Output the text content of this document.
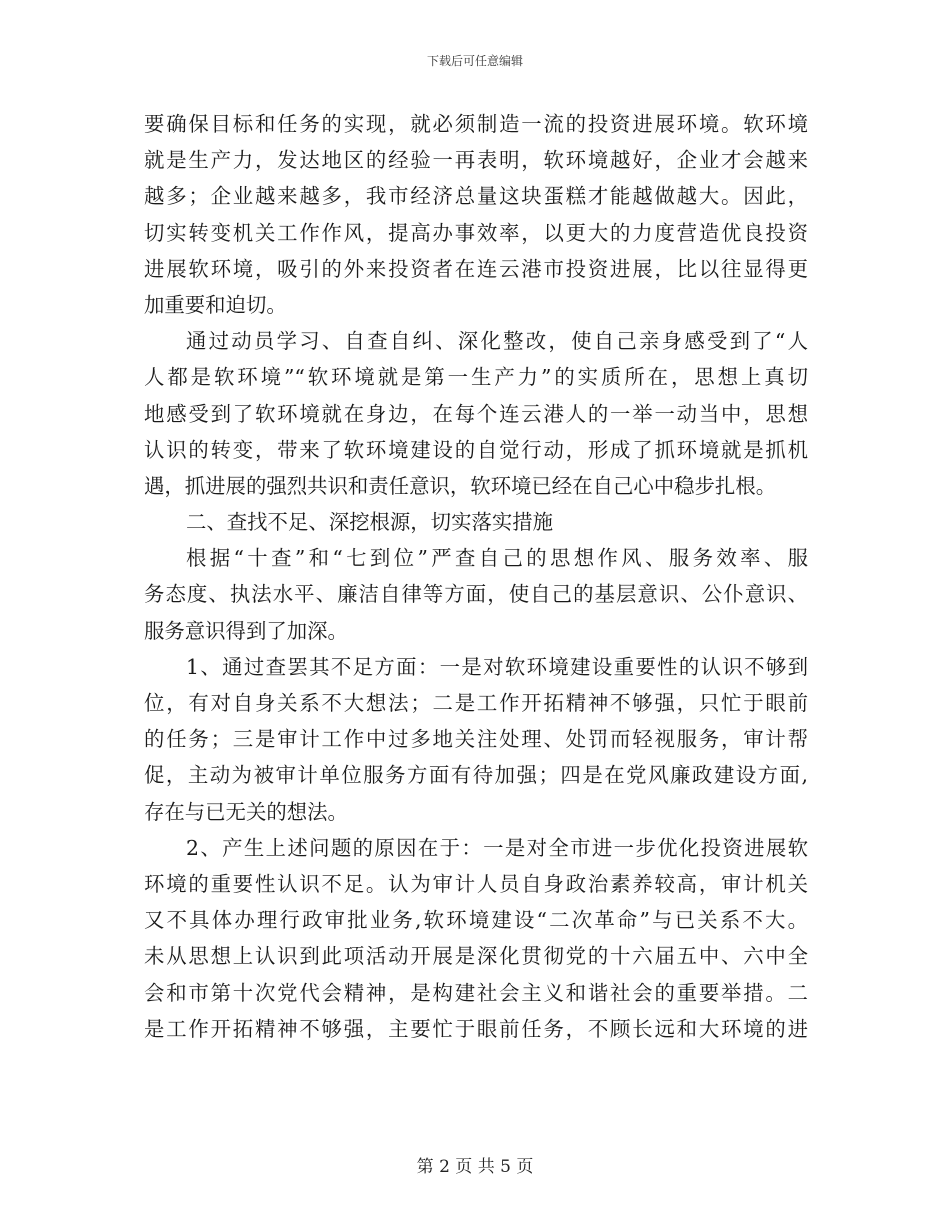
下载后可任意编辑
要确保目标和任务的实现，就必须制造一流的投资进展环境。软环境
就是生产力，发达地区的经验一再表明，软环境越好，企业才会越来
越多；企业越来越多，我市经济总量这块蛋糕才能越做越大。因此，
切实转变机关工作作风，提高办事效率，以更大的力度营造优良投资
进展软环境，吸引的外来投资者在连云港市投资进展，比以往显得更
加重要和迫切。
通过动员学习、自查自纠、深化整改，使自己亲身感受到了“人
人都是软环境”“软环境就是第一生产力”的实质所在，思想上真切
地感受到了软环境就在身边，在每个连云港人的一举一动当中，思想
认识的转变，带来了软环境建设的自觉行动，形成了抓环境就是抓机
遇，抓进展的强烈共识和责任意识，软环境已经在自己心中稳步扎根。
二、查找不足、深挖根源，切实落实措施
根据“十查”和“七到位”严查自己的思想作风、服务效率、服
务态度、执法水平、廉洁自律等方面，使自己的基层意识、公仆意识、
服务意识得到了加深。
1、通过查罢其不足方面：一是对软环境建设重要性的认识不够到
位，有对自身关系不大想法；二是工作开拓精神不够强，只忙于眼前
的任务；三是审计工作中过多地关注处理、处罚而轻视服务，审计帮
促，主动为被审计单位服务方面有待加强；四是在党风廉政建设方面,
存在与已无关的想法。
2、产生上述问题的原因在于：一是对全市进一步优化投资进展软
环境的重要性认识不足。认为审计人员自身政治素养较高，审计机关
又不具体办理行政审批业务,软环境建设“二次革命”与已关系不大。
未从思想上认识到此项活动开展是深化贯彻党的十六届五中、六中全
会和市第十次党代会精神，是构建社会主义和谐社会的重要举措。二
是工作开拓精神不够强，主要忙于眼前任务，不顾长远和大环境的进
第 2 页 共 5 页
